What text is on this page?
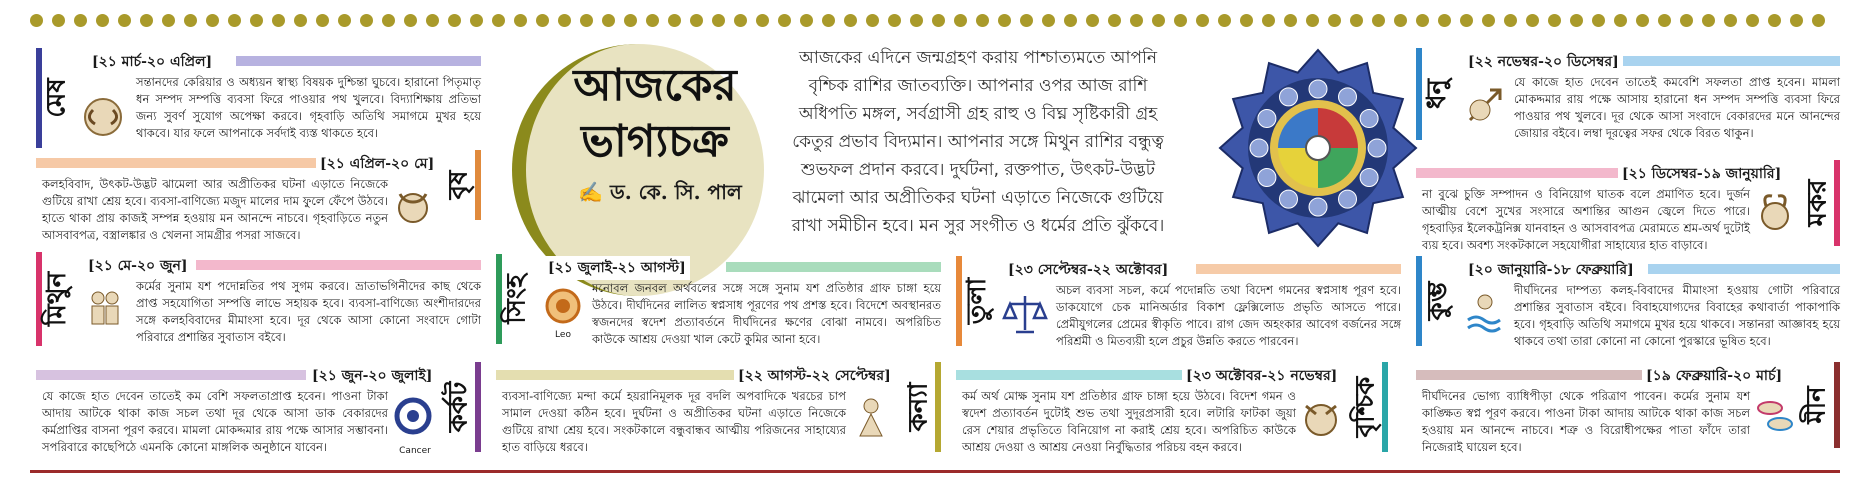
আজকের
ভাগ্যচক্র
✍ ড. কে. সি. পাল
আজকের এদিনে জন্মগ্রহণ করায় পাশ্চাত্যমতে আপনি বৃশ্চিক রাশির জাতব্যক্তি। আপনার ওপর আজ রাশি অধিপতি মঙ্গল, সর্বগ্রাসী গ্রহ রাহু ও বিঘ্ন সৃষ্টিকারী গ্রহ কেতুর প্রভাব বিদ্যমান। আপনার সঙ্গে মিথুন রাশির বন্ধুত্ব শুভফল প্রদান করবে। দুর্ঘটনা, রক্তপাত, উৎকট-উদ্ভট ঝামেলা আর অপ্রীতিকর ঘটনা এড়াতে নিজেকে গুটিয়ে রাখা সমীচীন হবে। মন সুর সংগীত ও ধর্মের প্রতি ঝুঁকবে।
মেষ
[২১ মার্চ-২০ এপ্রিল]
সন্তানদের কেরিয়ার ও অধ্যয়ন স্বাস্থ্য বিষয়ক দুশ্চিন্তা ঘুচবে। হারানো পিতৃমাতৃ ধন সম্পদ সম্পত্তি ব্যবসা ফিরে পাওয়ার পথ খুলবে। বিদ্যাশিক্ষায় প্রতিভা জন্য সুবর্ণ সুযোগ অপেক্ষা করবে। গৃহবাড়ি অতিথি সমাগমে মুখর হয়ে থাকবে। যার ফলে আপনাকে সর্বদাই ব্যস্ত থাকতে হবে।
[২১ এপ্রিল-২০ মে]
বৃষ
কলহবিবাদ, উৎকট-উদ্ভট ঝামেলা আর অপ্রীতিকর ঘটনা এড়াতে নিজেকে গুটিয়ে রাখা শ্রেয় হবে। ব্যবসা-বাণিজ্যে মজুদ মালের দাম ফুলে ফেঁপে উঠবে। হাতে থাকা প্রায় কাজই সম্পন্ন হওয়ায় মন আনন্দে নাচবে। গৃহবাড়িতে নতুন আসবাবপত্র, বস্ত্রালঙ্কার ও খেলনা সামগ্রীর পসরা সাজবে।
মিথুন
[২১ মে-২০ জুন]
কর্মের সুনাম যশ পদোন্নতির পথ সুগম করবে। ভ্রাতাভগিনীদের কাছ থেকে প্রাপ্ত সহযোগিতা সম্পত্তি লাভে সহায়ক হবে। ব্যবসা-বাণিজ্যে অংশীদারদের সঙ্গে কলহবিবাদের মীমাংসা হবে। দূর থেকে আসা কোনো সংবাদে গোটা পরিবারে প্রশান্তির সুবাতাস বইবে।
[২১ জুন-২০ জুলাই]
কর্কট
Cancer
যে কাজে হাত দেবেন তাতেই কম বেশি সফলতাপ্রাপ্ত হবেন। পাওনা টাকা আদায় আটকে থাকা কাজ সচল তথা দূর থেকে আসা ডাক বেকারদের কর্মপ্রাপ্তির বাসনা পূরণ করবে। মামলা মোকদ্দমার রায় পক্ষে আসার সম্ভাবনা। সপরিবারে কাছেপিঠে এমনকি কোনো মাঙ্গলিক অনুষ্ঠানে যাবেন।
সিংহ
[২১ জুলাই-২১ আগস্ট]
Leo
মনোবল জনবল অর্থবলের সঙ্গে সঙ্গে সুনাম যশ প্রতিষ্ঠার গ্রাফ চাঙ্গা হয়ে উঠবে। দীর্ঘদিনের লালিত স্বপ্নসাধ পূরণের পথ প্রশস্ত হবে। বিদেশে অবস্থানরত স্বজনদের স্বদেশ প্রত্যাবর্তনে দীর্ঘদিনের ক্ষণের বোঝা নামবে। অপরিচিত কাউকে আশ্রয় দেওয়া খাল কেটে কুমির আনা হবে।
[২২ আগস্ট-২২ সেপ্টেম্বর]
কন্যা
ব্যবসা-বাণিজ্যে মন্দা কর্মে হয়রানিমূলক দূর বদলি অপবাদিকে খরচের চাপ সামাল দেওয়া কঠিন হবে। দুর্ঘটনা ও অপ্রীতিকর ঘটনা এড়াতে নিজেকে গুটিয়ে রাখা শ্রেয় হবে। সংকটকালে বন্ধুবান্ধব আত্মীয় পরিজনের সাহায্যের হাত বাড়িয়ে ধরবে।
তুলা
[২৩ সেপ্টেম্বর-২২ অক্টোবর]
অচল ব্যবসা সচল, কর্মে পদোন্নতি তথা বিদেশ গমনের স্বপ্নসাধ পূরণ হবে। ডাকযোগে চেক মানিঅর্ডার বিকাশ ফ্লেক্সিলোড প্রভৃতি আসতে পারে। প্রেমীযুগলের প্রেমের স্বীকৃতি পাবে। রাগ জেদ অহংকার আবেগ বর্জনের সঙ্গে পরিশ্রমী ও মিতব্যয়ী হলে প্রচুর উন্নতি করতে পারবেন।
[২৩ অক্টোবর-২১ নভেম্বর]
বৃশ্চিক
কর্ম অর্থ মোক্ষ সুনাম যশ প্রতিষ্ঠার গ্রাফ চাঙ্গা হয়ে উঠবে। বিদেশ গমন ও স্বদেশ প্রত্যাবর্তন দুটোই শুভ তথা সুদূরপ্রসারী হবে। লটারি ফাটকা জুয়া রেস শেয়ার প্রভৃতিতে বিনিয়োগ না করাই শ্রেয় হবে। অপরিচিত কাউকে আশ্রয় দেওয়া ও আশ্রয় নেওয়া নির্বুদ্ধিতার পরিচয় বহন করবে।
ধনু
[২২ নভেম্বর-২০ ডিসেম্বর]
যে কাজে হাত দেবেন তাতেই কমবেশি সফলতা প্রাপ্ত হবেন। মামলা মোকদ্দমার রায় পক্ষে আসায় হারানো ধন সম্পদ সম্পত্তি ব্যবসা ফিরে পাওয়ার পথ খুলবে। দূর থেকে আসা সংবাদে বেকারদের মনে আনন্দের জোয়ার বইবে। লম্বা দূরত্বের সফর থেকে বিরত থাকুন।
[২১ ডিসেম্বর-১৯ জানুয়ারি]
মকর
না বুঝে চুক্তি সম্পাদন ও বিনিয়োগ ঘাতক বলে প্রমাণিত হবে। দুর্জন আত্মীয় বেশে সুখের সংসারে অশান্তির আগুন জ্বেলে দিতে পারে। গৃহবাড়ির ইলেকট্রনিক্স যানবাহন ও আসবাবপত্র মেরামতে শ্রম-অর্থ দুটোই ব্যয় হবে। অবশ্য সংকটকালে সহযোগীরা সাহায্যের হাত বাড়াবে।
কুম্ভ
[২০ জানুয়ারি-১৮ ফেব্রুয়ারি]
দীর্ঘদিনের দাম্পত্য কলহ-বিবাদের মীমাংসা হওয়ায় গোটা পরিবারে প্রশান্তির সুবাতাস বইবে। বিবাহযোগ্যদের বিবাহের কথাবার্তা পাকাপাকি হবে। গৃহবাড়ি অতিথি সমাগমে মুখর হয়ে থাকবে। সন্তানরা আজ্ঞাবহ হয়ে থাকবে তথা তারা কোনো না কোনো পুরস্কারে ভূষিত হবে।
[১৯ ফেব্রুয়ারি-২০ মার্চ]
মীন
দীর্ঘদিনের ভোগ্য ব্যাধিপীড়া থেকে পরিত্রাণ পাবেন। কর্মের সুনাম যশ কাঙ্ক্ষিত স্বপ্ন পূরণ করবে। পাওনা টাকা আদায় আটকে থাকা কাজ সচল হওয়ায় মন আনন্দে নাচবে। শত্রু ও বিরোধীপক্ষের পাতা ফাঁদে তারা নিজেরাই ঘায়েল হবে।
